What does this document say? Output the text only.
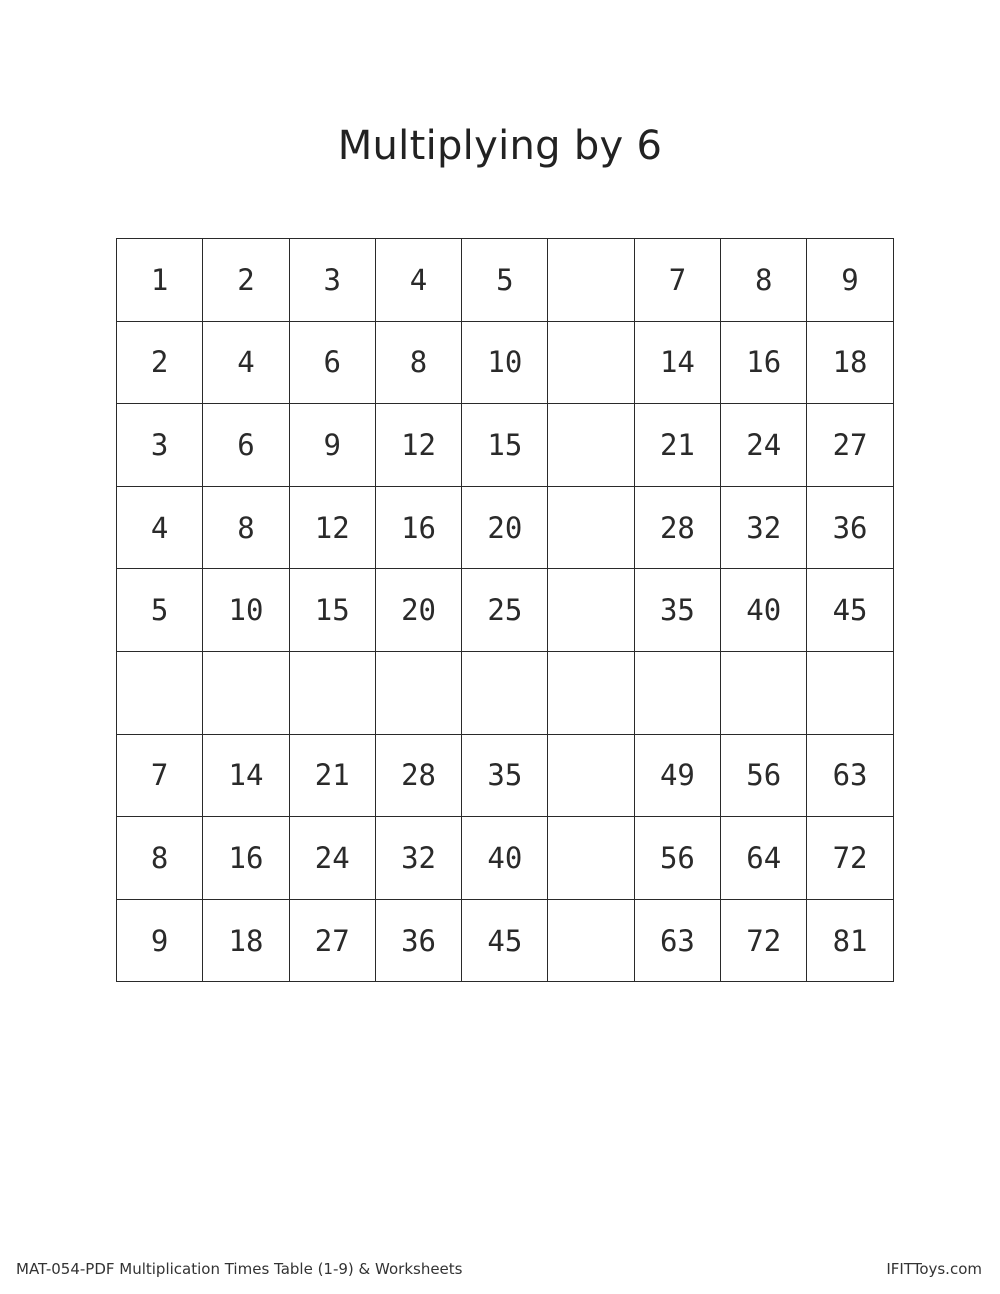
Multiplying by 6
1	2	3	4	5		7	8	9
2	4	6	8	10		14	16	18
3	6	9	12	15		21	24	27
4	8	12	16	20		28	32	36
5	10	15	20	25		35	40	45

7	14	21	28	35		49	56	63
8	16	24	32	40		56	64	72
9	18	27	36	45		63	72	81
MAT-054-PDF Multiplication Times Table (1-9) & Worksheets	IFITToys.com
